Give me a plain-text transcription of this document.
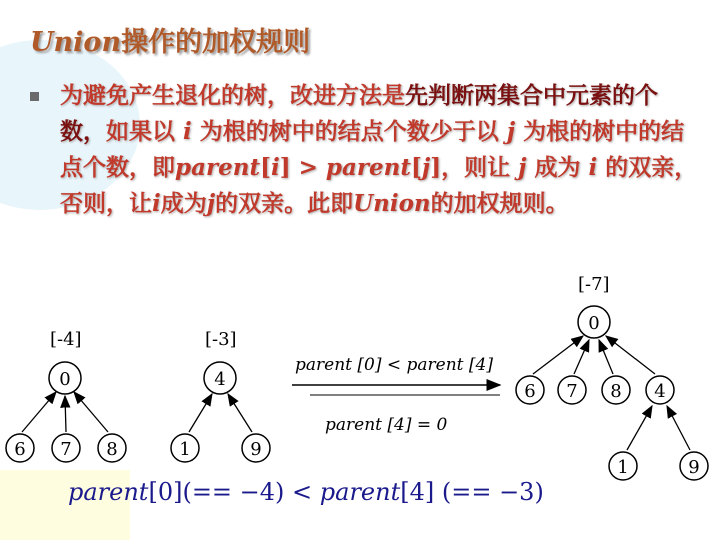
Union操作的加权规则
为避免产生退化的树，改进方法是先判断两集合中元素的个数，如果以 i 为根的树中的结点个数少于以 j 为根的树中的结点个数，即parent[i] > parent[j]，则让 j 成为 i 的双亲，否则，让i成为j的双亲。此即Union的加权规则。
[-4]
0
6 7 8
[-3]
4
1	9
parent [0] < parent [4]
parent [4] = 0
[-7]
0
6 7 8 4
1	9
parent[0](== −4) < parent[4] (== −3)
